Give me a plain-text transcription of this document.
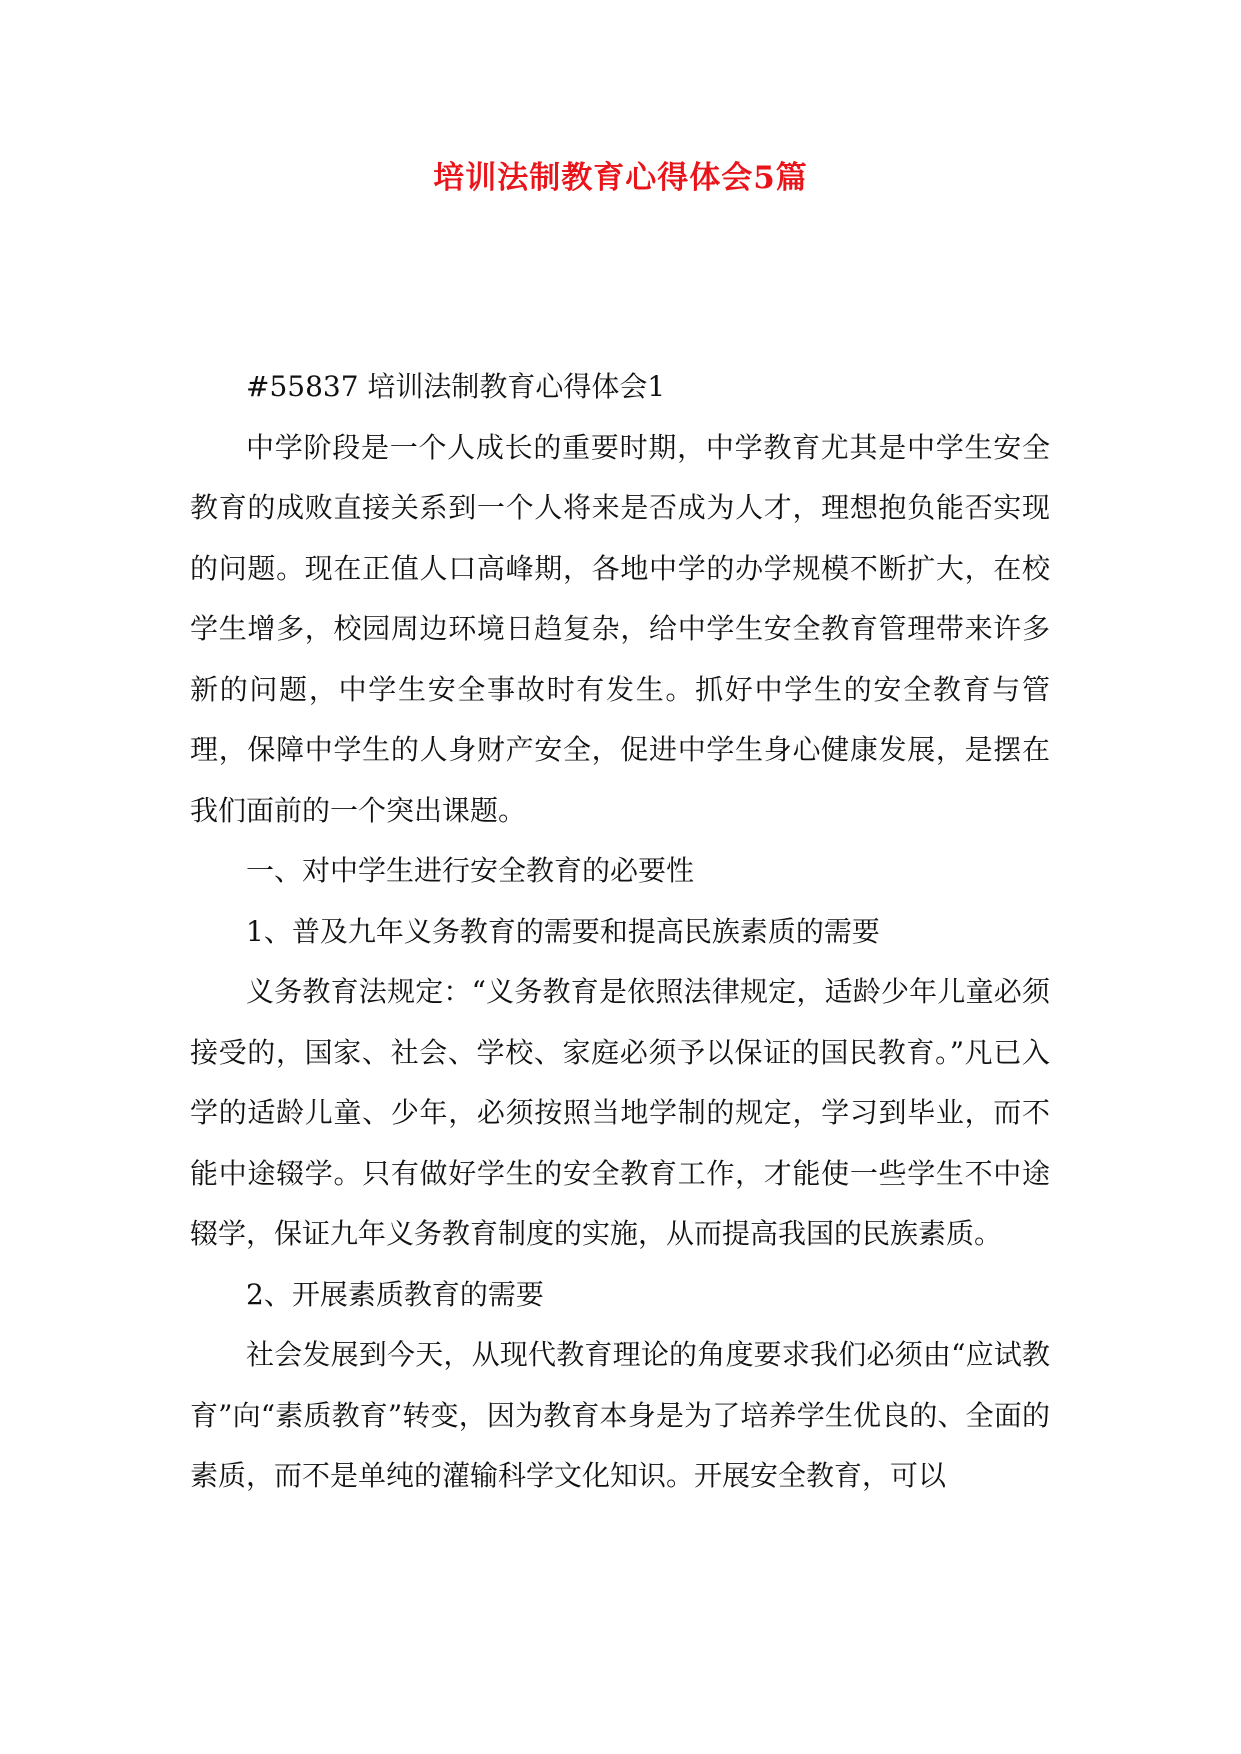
培训法制教育心得体会5篇

#55837 培训法制教育心得体会1

中学阶段是一个人成长的重要时期，中学教育尤其是中学生安全教育的成败直接关系到一个人将来是否成为人才，理想抱负能否实现的问题。现在正值人口高峰期，各地中学的办学规模不断扩大，在校学生增多，校园周边环境日趋复杂，给中学生安全教育管理带来许多新的问题，中学生安全事故时有发生。抓好中学生的安全教育与管理，保障中学生的人身财产安全，促进中学生身心健康发展，是摆在我们面前的一个突出课题。

一、对中学生进行安全教育的必要性

1、普及九年义务教育的需要和提高民族素质的需要

义务教育法规定：“义务教育是依照法律规定，适龄少年儿童必须接受的，国家、社会、学校、家庭必须予以保证的国民教育。”凡已入学的适龄儿童、少年，必须按照当地学制的规定，学习到毕业，而不能中途辍学。只有做好学生的安全教育工作，才能使一些学生不中途辍学，保证九年义务教育制度的实施，从而提高我国的民族素质。

2、开展素质教育的需要

社会发展到今天，从现代教育理论的角度要求我们必须由“应试教育”向“素质教育”转变，因为教育本身是为了培养学生优良的、全面的素质，而不是单纯的灌输科学文化知识。开展安全教育，可以
